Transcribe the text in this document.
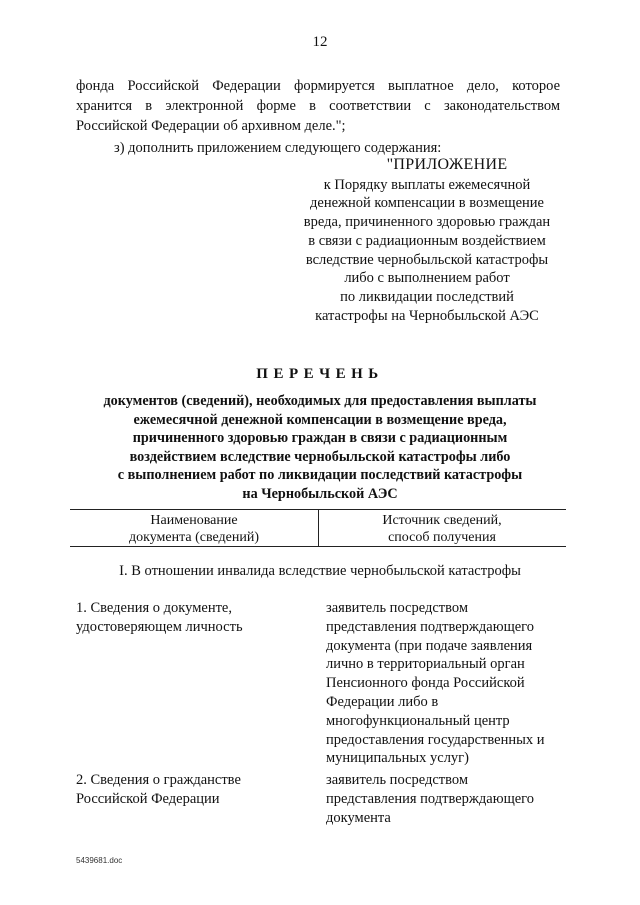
12

фонда Российской Федерации формируется выплатное дело, которое хранится в электронной форме в соответствии с законодательством Российской Федерации об архивном деле.";

з) дополнить приложением следующего содержания:

"ПРИЛОЖЕНИЕ
к Порядку выплаты ежемесячной
денежной компенсации в возмещение
вреда, причиненного здоровью граждан
в связи с радиационным воздействием
вследствие чернобыльской катастрофы
либо с выполнением работ
по ликвидации последствий
катастрофы на Чернобыльской АЭС
ПЕРЕЧЕНЬ
документов (сведений), необходимых для предоставления выплаты
ежемесячной денежной компенсации в возмещение вреда,
причиненного здоровью граждан в связи с радиационным
воздействием вследствие чернобыльской катастрофы либо
с выполнением работ по ликвидации последствий катастрофы
на Чернобыльской АЭС
Наименование
документа (сведений)
Источник сведений,
способ получения
I. В отношении инвалида вследствие чернобыльской катастрофы
1. Сведения о документе,
удостоверяющем личность
заявитель посредством
представления подтверждающего
документа (при подаче заявления
лично в территориальный орган
Пенсионного фонда Российской
Федерации либо в
многофункциональный центр
предоставления государственных и
муниципальных услуг)
2. Сведения о гражданстве
Российской Федерации
заявитель посредством
представления подтверждающего
документа
5439681.doc
